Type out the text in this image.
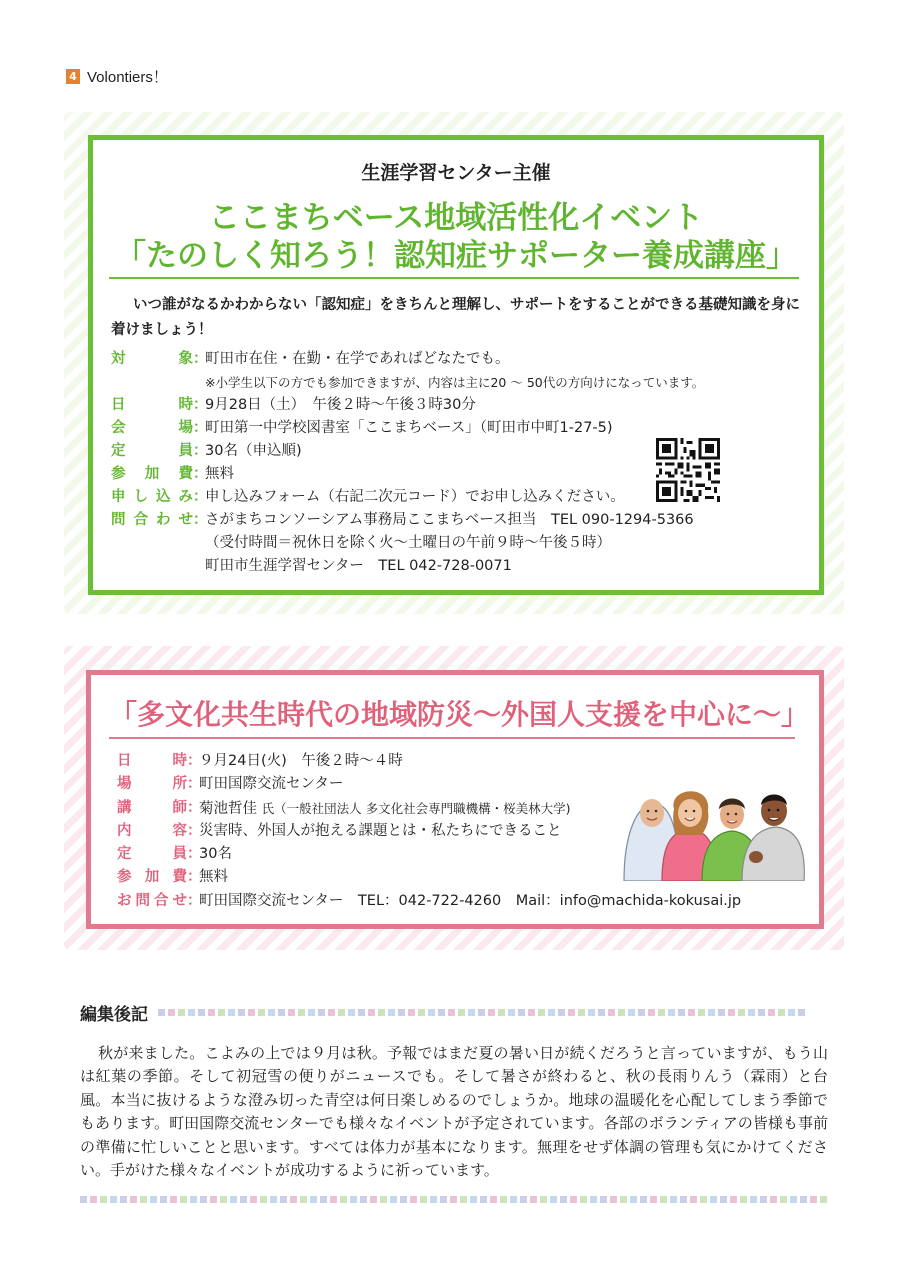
4 Volontiers！
生涯学習センター主催
ここまちベース地域活性化イベント
「たのしく知ろう！認知症サポーター養成講座」
いつ誰がなるかわからない「認知症」をきちんと理解し、サポートをすることができる基礎知識を身に着けましょう！
対　象 ：
町田市在住・在勤・在学であればどなたでも。
※小学生以下の方でも参加できますが、内容は主に20 ～ 50代の方向けになっています。
日　時 ：
9月28日（土）　午後２時～午後３時30分
会　場 ：
町田第一中学校図書室「ここまちベース」（町田市中町1-27-5)
定　員 ：
30名（申込順)
参加費 ：
無料
申し込み ：
申し込みフォーム（右記二次元コード）でお申し込みください。
問合わせ ：
さがまちコンソーシアム事務局ここまちベース担当　TEL 090-1294-5366
（受付時間＝祝休日を除く火～土曜日の午前９時～午後５時）
町田市生涯学習センター　TEL 042-728-0071
「多文化共生時代の地域防災～外国人支援を中心に～」
日　時 ：
９月24日(火)　午後２時～４時
場　所 ：
町田国際交流センター
講　師 ：
菊池哲佳 氏（一般社団法人 多文化社会専門職機構・桜美林大学)
内　容 ：
災害時、外国人が抱える課題とは・私たちにできること
定　員 ：
30名
参加費 ：
無料
お問合せ ：
町田国際交流センター　TEL：042-722-4260　Mail：info@machida-kokusai.jp
編集後記
秋が来ました。こよみの上では９月は秋。予報ではまだ夏の暑い日が続くだろうと言っていますが、もう山は紅葉の季節。そして初冠雪の便りがニュースでも。そして暑さが終わると、秋の長雨りんう（霖雨）と台風。本当に抜けるような澄み切った青空は何日楽しめるのでしょうか。地球の温暖化を心配してしまう季節でもあります。町田国際交流センターでも様々なイベントが予定されています。各部のボランティアの皆様も事前の準備に忙しいことと思います。すべては体力が基本になります。無理をせず体調の管理も気にかけてください。手がけた様々なイベントが成功するように祈っています。
